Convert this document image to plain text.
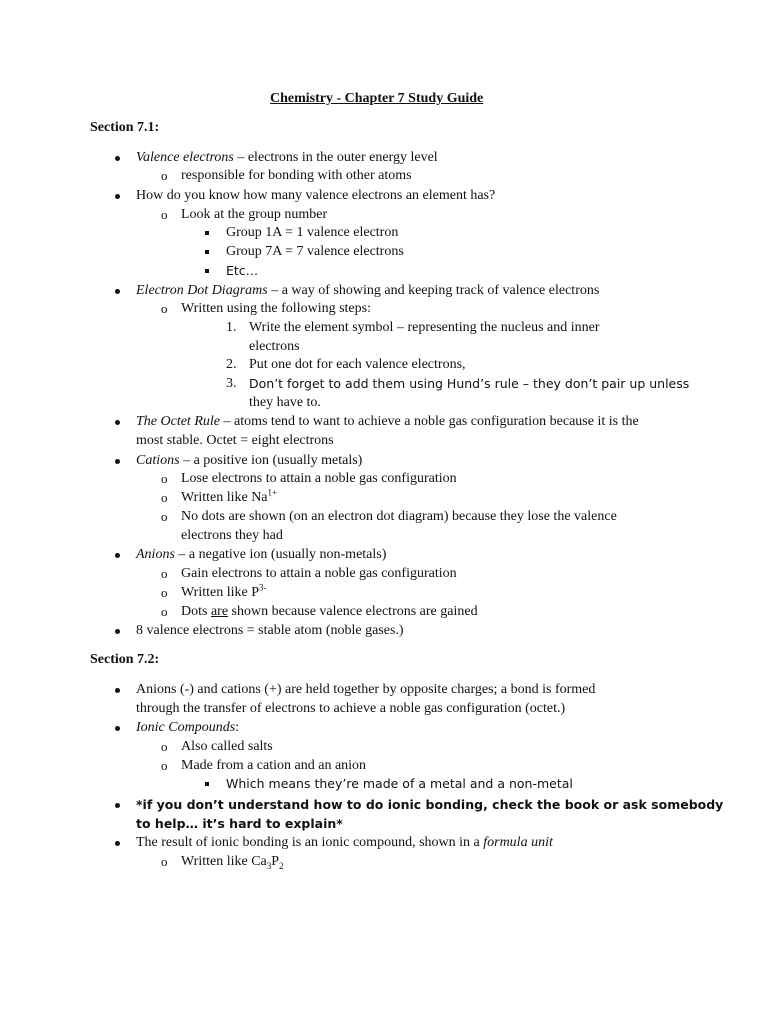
Chemistry - Chapter 7 Study Guide
Section 7.1:
Valence electrons – electrons in the outer energy level
o responsible for bonding with other atoms
How do you know how many valence electrons an element has?
o Look at the group number
Group 1A = 1 valence electron
Group 7A = 7 valence electrons
Etc…
Electron Dot Diagrams – a way of showing and keeping track of valence electrons
o Written using the following steps:
1. Write the element symbol – representing the nucleus and inner
electrons
2. Put one dot for each valence electrons,
3. Don’t forget to add them using Hund’s rule – they don’t pair up unless
they have to.
The Octet Rule – atoms tend to want to achieve a noble gas configuration because it is the
most stable. Octet = eight electrons
Cations – a positive ion (usually metals)
o Lose electrons to attain a noble gas configuration
o Written like $Na^{1+}$
o No dots are shown (on an electron dot diagram) because they lose the valence
electrons they had
Anions – a negative ion (usually non-metals)
o Gain electrons to attain a noble gas configuration
o Written like $P^{3-}$
o Dots are shown because valence electrons are gained
8 valence electrons = stable atom (noble gases.)
Section 7.2:
Anions (-) and cations (+) are held together by opposite charges; a bond is formed
through the transfer of electrons to achieve a noble gas configuration (octet.)
Ionic Compounds:
o Also called salts
o Made from a cation and an anion
Which means they’re made of a metal and a non-metal
*if you don’t understand how to do ionic bonding, check the book or ask somebody
to help… it’s hard to explain*
The result of ionic bonding is an ionic compound, shown in a formula unit
o Written like $Ca_3P_2$
